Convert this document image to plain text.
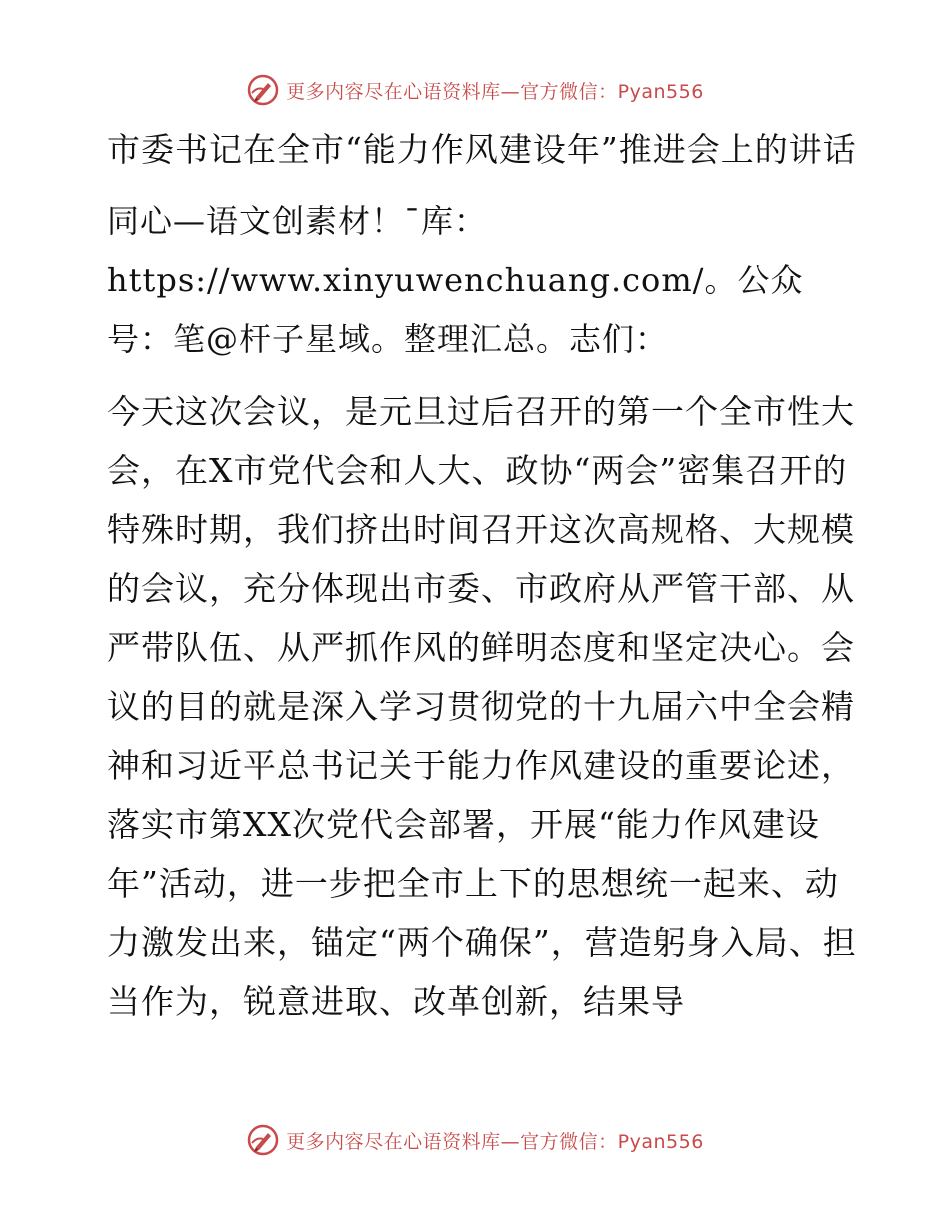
更多内容尽在心语资料库—官方微信：Pyan556

市委书记在全市“能力作风建设年”推进会上的讲话

同心—语文创素材！¯库：https://www.xinyuwenchuang.com/。公众号：笔@杆子星域。整理汇总。志们：

今天这次会议，是元旦过后召开的第一个全市性大会，在X市党代会和人大、政协“两会”密集召开的特殊时期，我们挤出时间召开这次高规格、大规模的会议，充分体现出市委、市政府从严管干部、从严带队伍、从严抓作风的鲜明态度和坚定决心。会议的目的就是深入学习贯彻党的十九届六中全会精神和习近平总书记关于能力作风建设的重要论述，落实市第XX次党代会部署，开展“能力作风建设年”活动，进一步把全市上下的思想统一起来、动力激发出来，锚定“两个确保”，营造躬身入局、担当作为，锐意进取、改革创新，结果导

更多内容尽在心语资料库—官方微信：Pyan556
